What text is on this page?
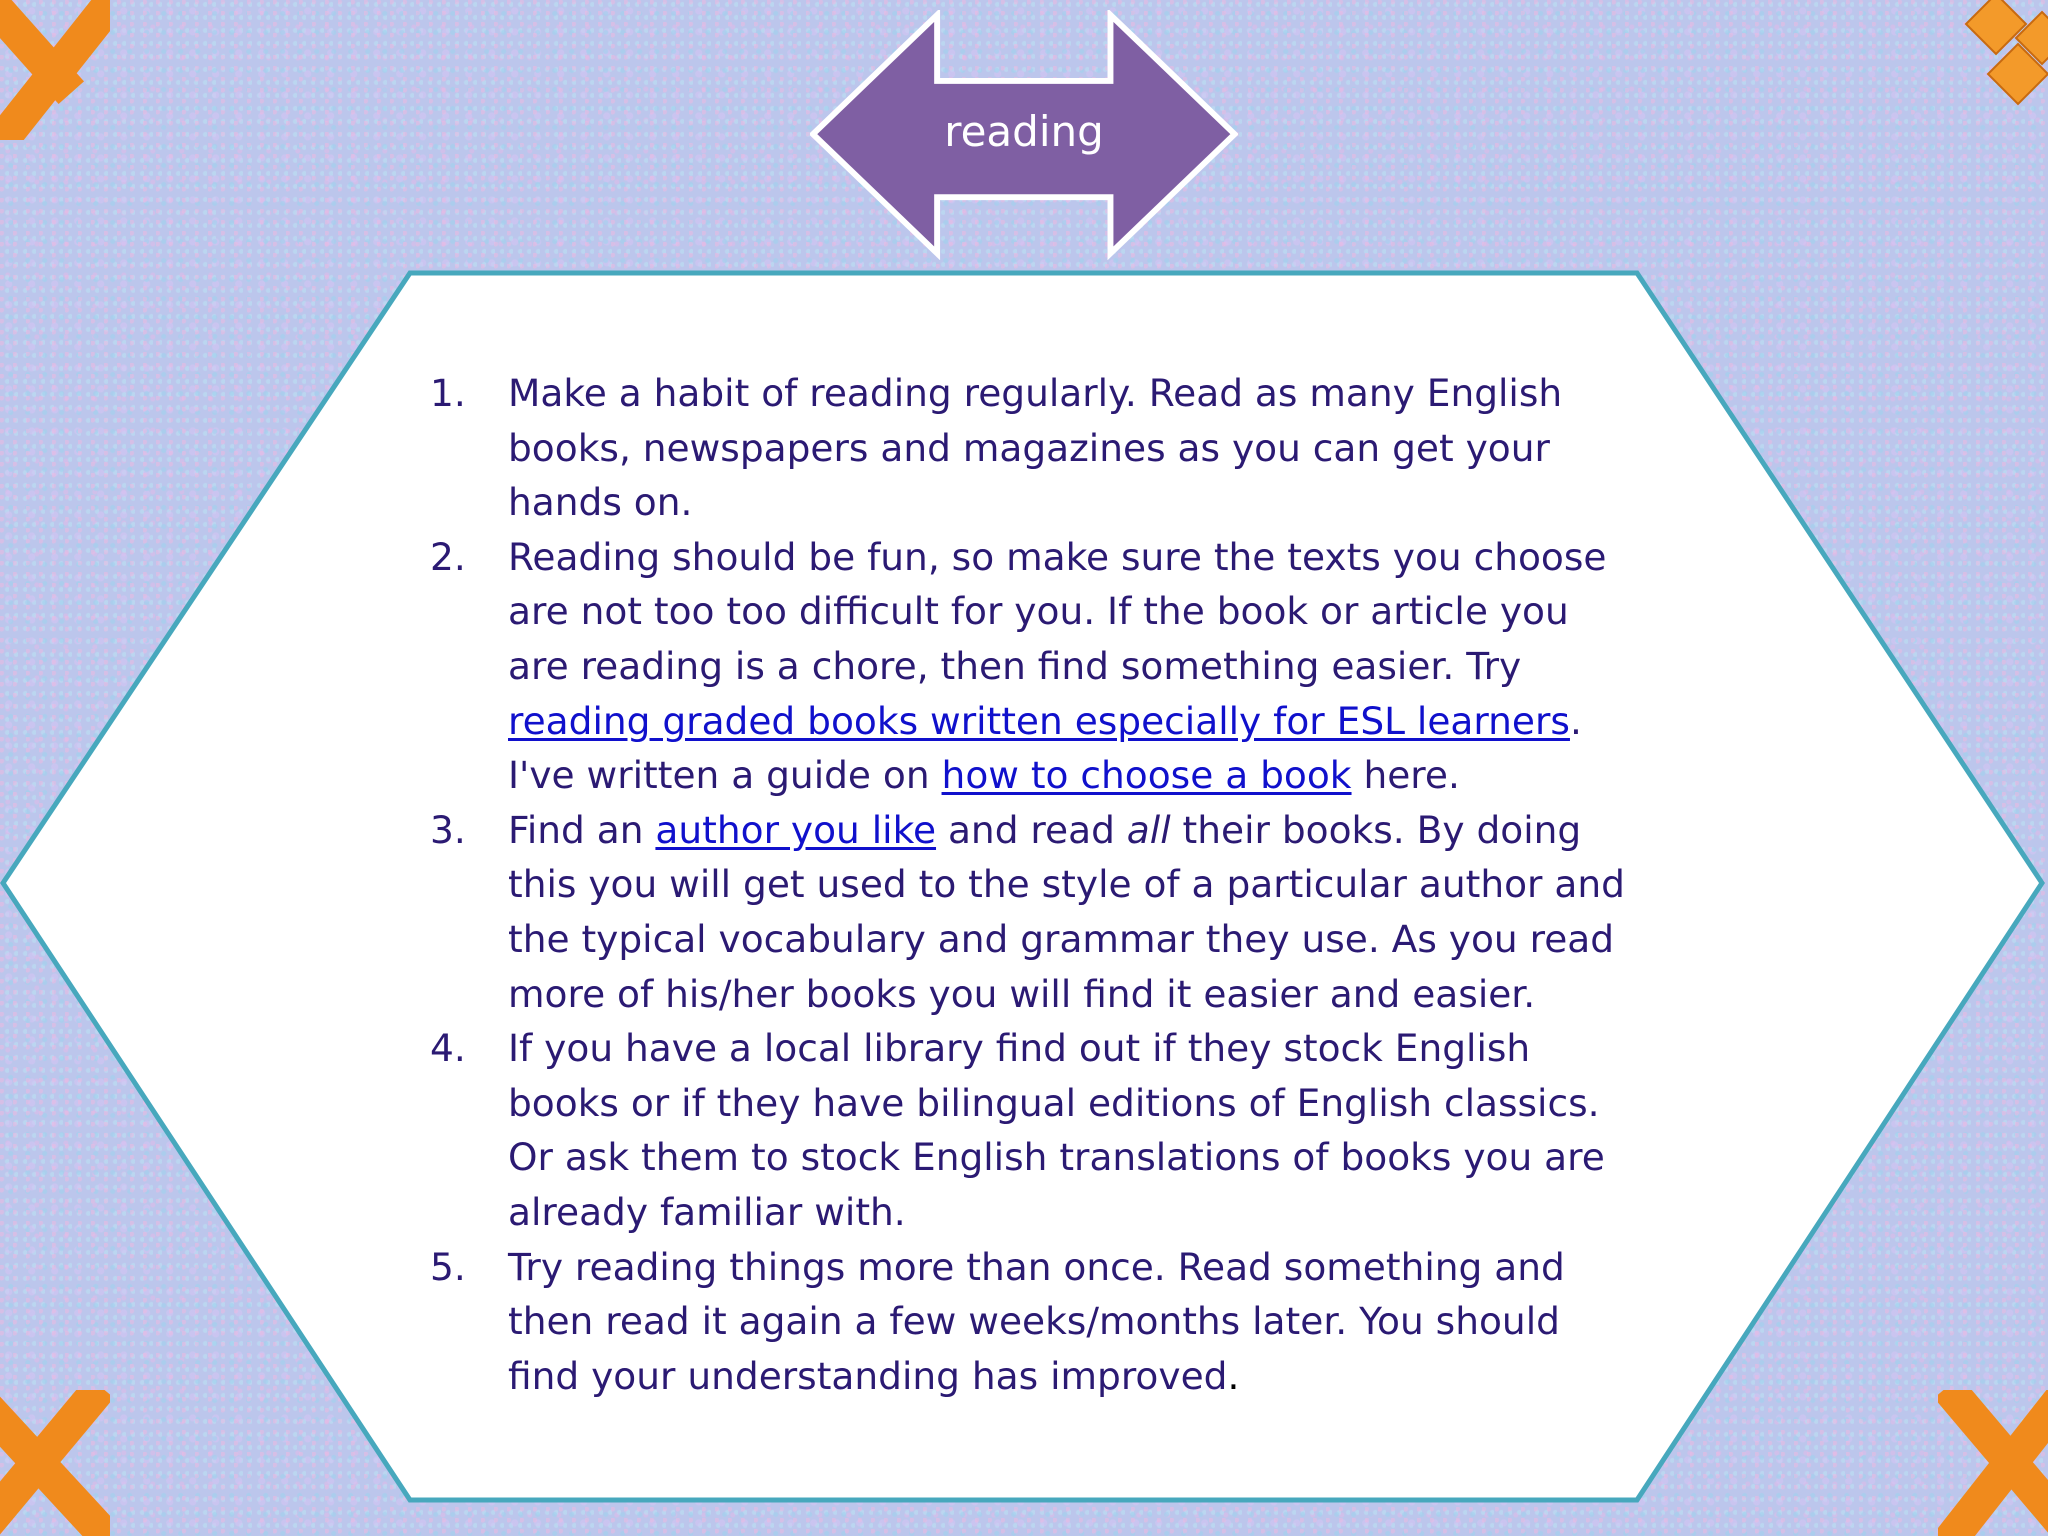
reading
1. Make a habit of reading regularly. Read as many English books, newspapers and magazines as you can get your hands on.
2. Reading should be fun, so make sure the texts you choose are not too too difficult for you. If the book or article you are reading is a chore, then find something easier. Try reading graded books written especially for ESL learners. I've written a guide on how to choose a book here.
3. Find an author you like and read all their books. By doing this you will get used to the style of a particular author and the typical vocabulary and grammar they use. As you read more of his/her books you will find it easier and easier.
4. If you have a local library find out if they stock English books or if they have bilingual editions of English classics. Or ask them to stock English translations of books you are already familiar with.
5. Try reading things more than once. Read something and then read it again a few weeks/months later. You should find your understanding has improved.
